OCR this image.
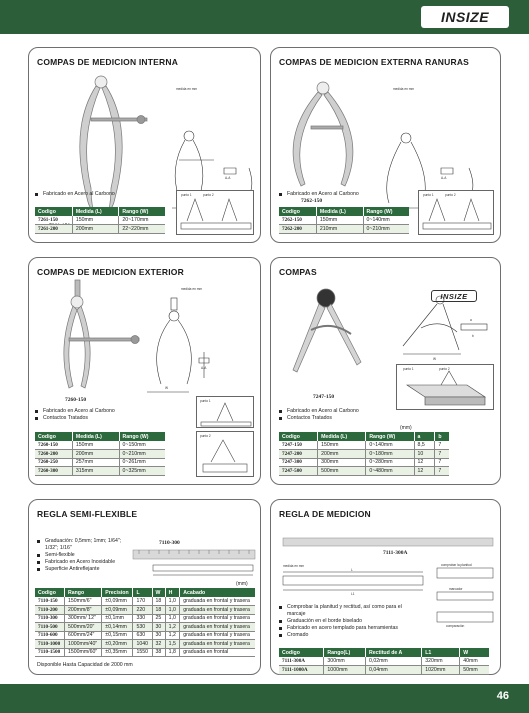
INSIZE
COMPAS DE MEDICION INTERNA
medida en mm
A-A
Fabricado en Acero al Carbono	punto 1	punto 2
Codigo	Medida (L)	Rango (W)
7261-150	150mm	20~170mm
7261-200	200mm	22~220mm
COMPAS DE MEDICION EXTERNA RANURAS
medida en mm
A-A
7262-150
Fabricado en Acero al Carbono	punto 1	punto 2
Codigo	Medida (L)	Rango (W)
7262-150	150mm	0~140mm
7262-200	210mm	0~210mm
COMPAS DE MEDICION EXTERIOR
medida en mm
A-A
W
7260-150
Fabricado en Acero al Carbono
Contactos Tratados
punto 1
punto 2
Codigo	Medida (L)	Rango (W)
7260-150	150mm	0~150mm
7260-200	200mm	0~210mm
7260-250	257mm	0~261mm
7260-300	315mm	0~325mm
COMPAS
INSIZE
a
b
W
7247-150
punto 1	punto 2
Fabricado en Acero al Carbono
Contactos Tratados
(mm)
Codigo	Medida (L)	Rango (W)	a	b
7247-150	150mm	0~140mm	8,5	7
7247-200	200mm	0~180mm	10	7
7247-300	300mm	0~280mm	12	7
7247-500	500mm	0~480mm	12	7
REGLA SEMI-FLEXIBLE
7110-300
(mm)
Graduación: 0,5mm; 1mm; 1/64"; 1/32"; 1/16"
Semi-flexible
Fabricado en Acero Inoxidable
Superficie Antireflejante
Codigo	Rango	Precision	L	W	H	Acabado
7110-150	150mm/6"	±0,09mm	170	18	1,0	graduada en frontal y trasera
7110-200	200mm/8"	±0,09mm	220	18	1,0	graduada en frontal y trasera
7110-300	300mm/ 12"	±0,1mm	330	25	1,0	graduada en frontal y trasera
7110-500	500mm/20"	±0,14mm	530	30	1,2	graduada en frontal y trasera
7110-600	600mm/24"	±0,15mm	630	30	1,2	graduada en frontal y trasera
7110-1000	1000mm/40"	±0,20mm	1040	32	1,5	graduada en frontal y trasera
7110-1500	1500mm/60"	±0,35mm	1550	38	1,8	graduada en frontal
Disponible Hasta Capacidad de 2000 mm
REGLA DE MEDICION
7111-300A
medida en mm
L
L1
comprobar la planitud
marcador
comparación
Comprobar la planitud y rectitud, así como para el marcaje
Graduación en el borde biselado
Fabricado en acero templado para herramientas
Cromado
Codigo	Rango(L)	Rectitud de A	L1	W
7111-300A	300mm	0,02mm	320mm	40mm
7111-1000A	1000mm	0,04mm	1020mm	50mm
46
